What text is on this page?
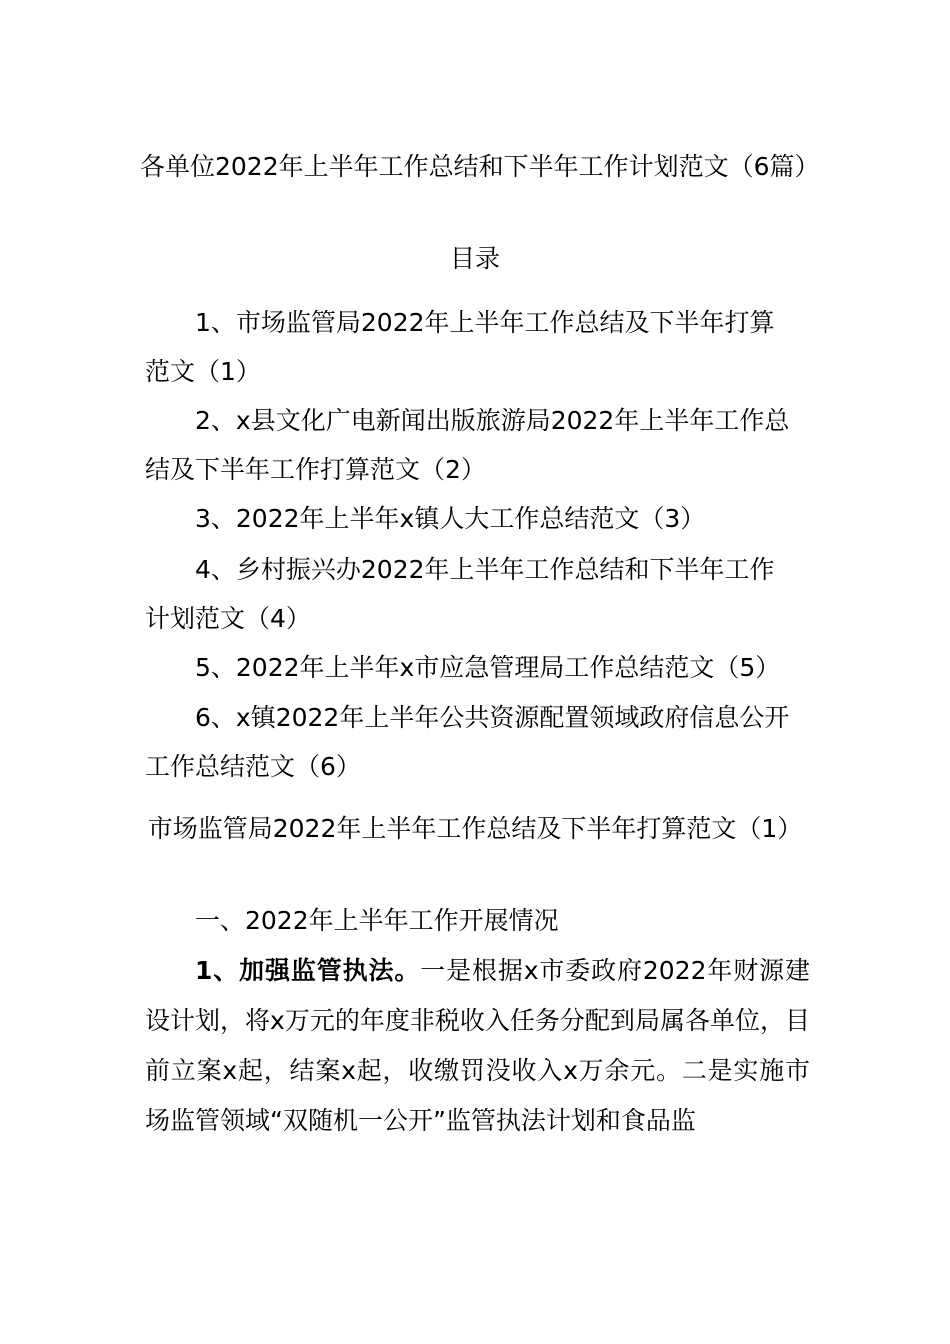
各单位2022年上半年工作总结和下半年工作计划范文（6篇）
目录
1、市场监管局2022年上半年工作总结及下半年打算范文（1）
2、x县文化广电新闻出版旅游局2022年上半年工作总结及下半年工作打算范文（2）
3、2022年上半年x镇人大工作总结范文（3）
4、乡村振兴办2022年上半年工作总结和下半年工作计划范文（4）
5、2022年上半年x市应急管理局工作总结范文（5）
6、x镇2022年上半年公共资源配置领域政府信息公开工作总结范文（6）
市场监管局2022年上半年工作总结及下半年打算范文（1）
一、2022年上半年工作开展情况
1、加强监管执法。一是根据x市委政府2022年财源建设计划，将x万元的年度非税收入任务分配到局属各单位，目前立案x起，结案x起，收缴罚没收入x万余元。二是实施市场监管领域“双随机一公开”监管执法计划和食品监
